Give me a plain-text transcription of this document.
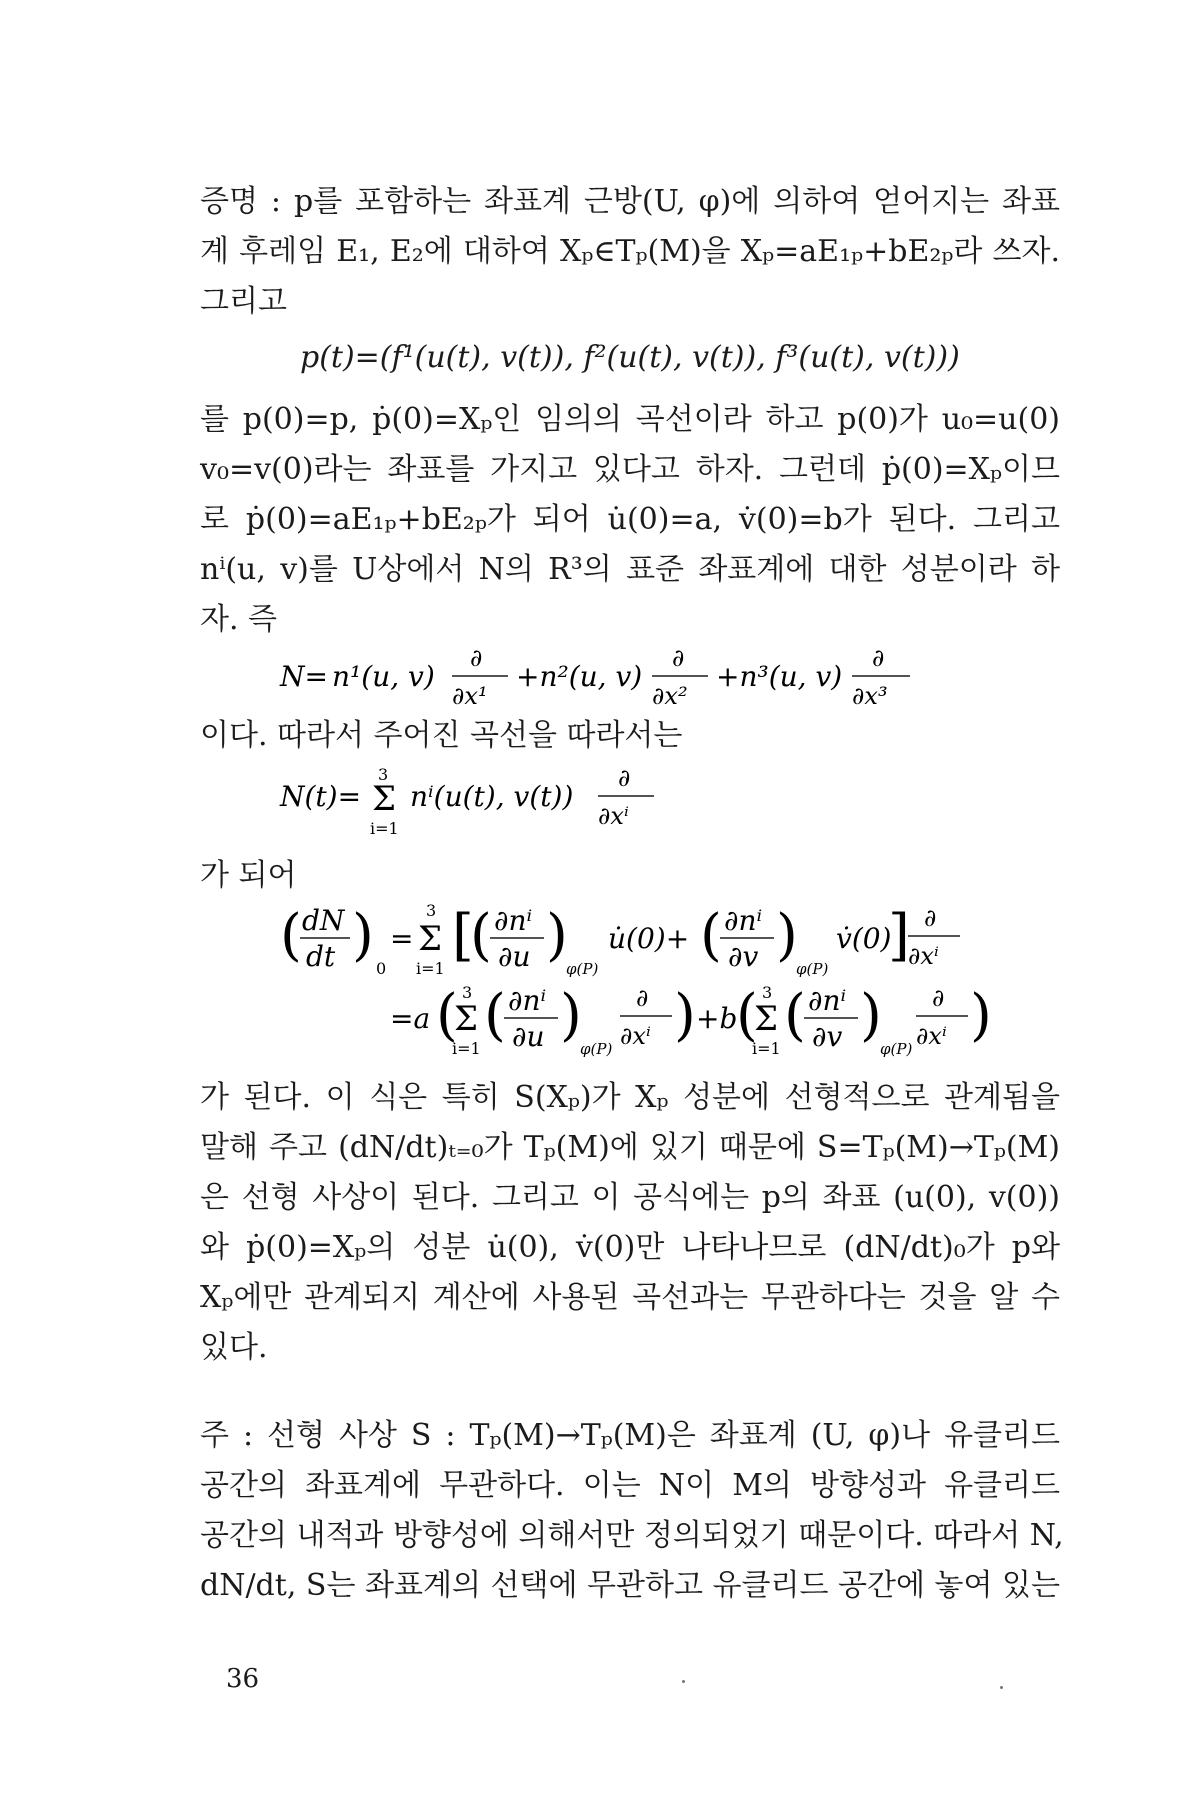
증명 : p를 포함하는 좌표계 근방(U, φ)에 의하여 얻어지는 좌표
계 후레임 E₁, E₂에 대하여 Xₚ∈Tₚ(M)을 Xₚ=aE₁ₚ+bE₂ₚ라 쓰자.
그리고
p(t)=(f¹(u(t), v(t)), f²(u(t), v(t)), f³(u(t), v(t)))
를 p(0)=p, ṗ(0)=Xₚ인 임의의 곡선이라 하고 p(0)가 u₀=u(0)
v₀=v(0)라는 좌표를 가지고 있다고 하자. 그런데 ṗ(0)=Xₚ이므
로 ṗ(0)=aE₁ₚ+bE₂ₚ가 되어 u̇(0)=a, v̇(0)=b가 된다. 그리고
nⁱ(u, v)를 U상에서 N의 R³의 표준 좌표계에 대한 성분이라 하
자. 즉
N= n¹(u, v)
∂
∂x¹
+n²(u, v)
∂
∂x²
+n³(u, v)
∂
∂x³
이다. 따라서 주어진 곡선을 따라서는
N(t)=
3
Σ
i=1
nⁱ(u(t), v(t))
∂
∂xⁱ
가 되어
( dN
dt )
0
=
3
Σ
i=1
[
( ∂nⁱ
∂u )
φ(P)
u̇(0)+ ( ∂nⁱ
∂v )
φ(P)
v̇(0)
] ∂
∂xⁱ
=a ( 3
Σ
i=1
( ∂nⁱ
∂u )
φ(P)
∂
∂xⁱ ) +b
( 3
Σ
i=1
( ∂nⁱ
∂v )
φ(P)
∂
∂xⁱ )
가 된다. 이 식은 특히 S(Xₚ)가 Xₚ 성분에 선형적으로 관계됨을
말해 주고 (dN/dt)ₜ₌₀가 Tₚ(M)에 있기 때문에 S=Tₚ(M)→Tₚ(M)
은 선형 사상이 된다. 그리고 이 공식에는 p의 좌표 (u(0), v(0))
와 ṗ(0)=Xₚ의 성분 u̇(0), v̇(0)만 나타나므로 (dN/dt)₀가 p와
Xₚ에만 관계되지 계산에 사용된 곡선과는 무관하다는 것을 알 수
있다.
주 : 선형 사상 S : Tₚ(M)→Tₚ(M)은 좌표계 (U, φ)나 유클리드
공간의 좌표계에 무관하다. 이는 N이 M의 방향성과 유클리드
공간의 내적과 방향성에 의해서만 정의되었기 때문이다. 따라서 N,
dN/dt, S는 좌표계의 선택에 무관하고 유클리드 공간에 놓여 있는
36
